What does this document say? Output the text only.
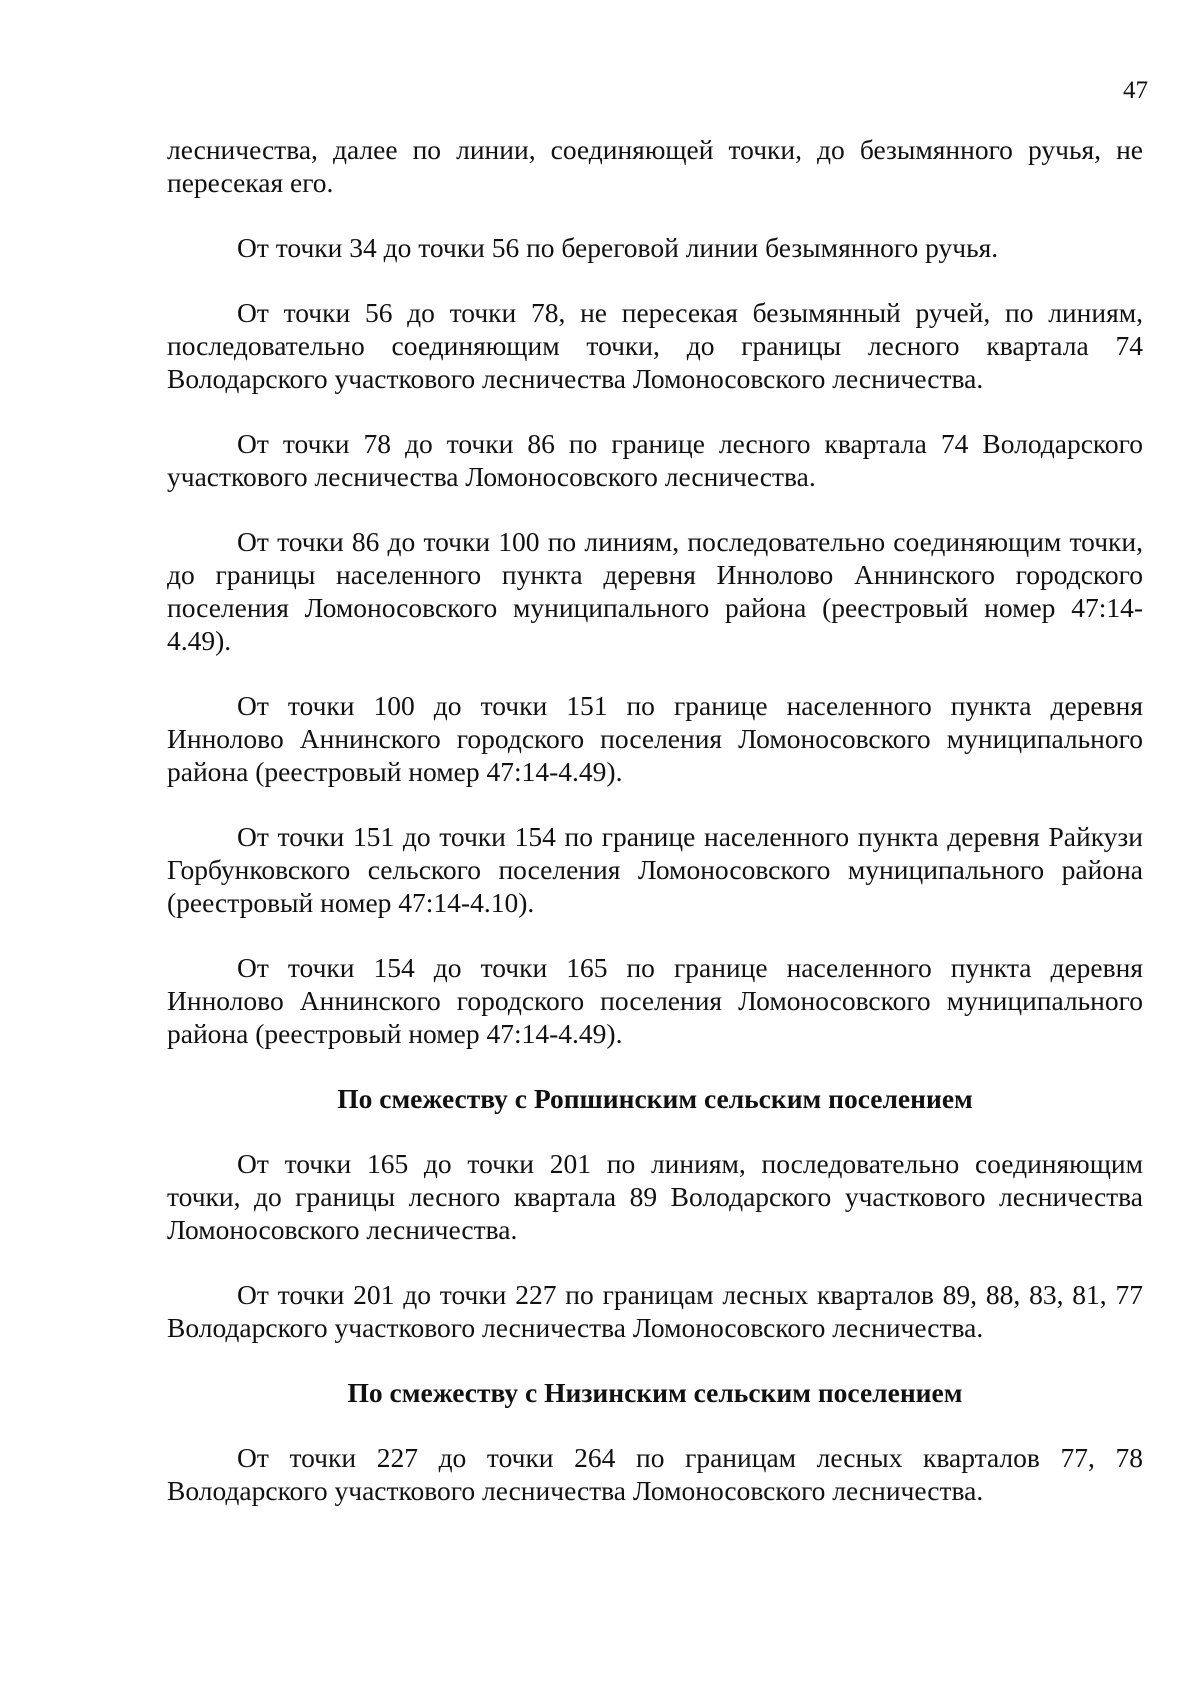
47

лесничества, далее по линии, соединяющей точки, до безымянного ручья, не пересекая его.

От точки 34 до точки 56 по береговой линии безымянного ручья.

От точки 56 до точки 78, не пересекая безымянный ручей, по линиям, последовательно соединяющим точки, до границы лесного квартала 74 Володарского участкового лесничества Ломоносовского лесничества.

От точки 78 до точки 86 по границе лесного квартала 74 Володарского участкового лесничества Ломоносовского лесничества.

От точки 86 до точки 100 по линиям, последовательно соединяющим точки, до границы населенного пункта деревня Иннолово Аннинского городского поселения Ломоносовского муниципального района (реестровый номер 47:14-4.49).

От точки 100 до точки 151 по границе населенного пункта деревня Иннолово Аннинского городского поселения Ломоносовского муниципального района (реестровый номер 47:14-4.49).

От точки 151 до точки 154 по границе населенного пункта деревня Райкузи Горбунковского сельского поселения Ломоносовского муниципального района (реестровый номер 47:14-4.10).

От точки 154 до точки 165 по границе населенного пункта деревня Иннолово Аннинского городского поселения Ломоносовского муниципального района (реестровый номер 47:14-4.49).

По смежеству с Ропшинским сельским поселением

От точки 165 до точки 201 по линиям, последовательно соединяющим точки, до границы лесного квартала 89 Володарского участкового лесничества Ломоносовского лесничества.

От точки 201 до точки 227 по границам лесных кварталов 89, 88, 83, 81, 77 Володарского участкового лесничества Ломоносовского лесничества.

По смежеству с Низинским сельским поселением

От точки 227 до точки 264 по границам лесных кварталов 77, 78 Володарского участкового лесничества Ломоносовского лесничества.
